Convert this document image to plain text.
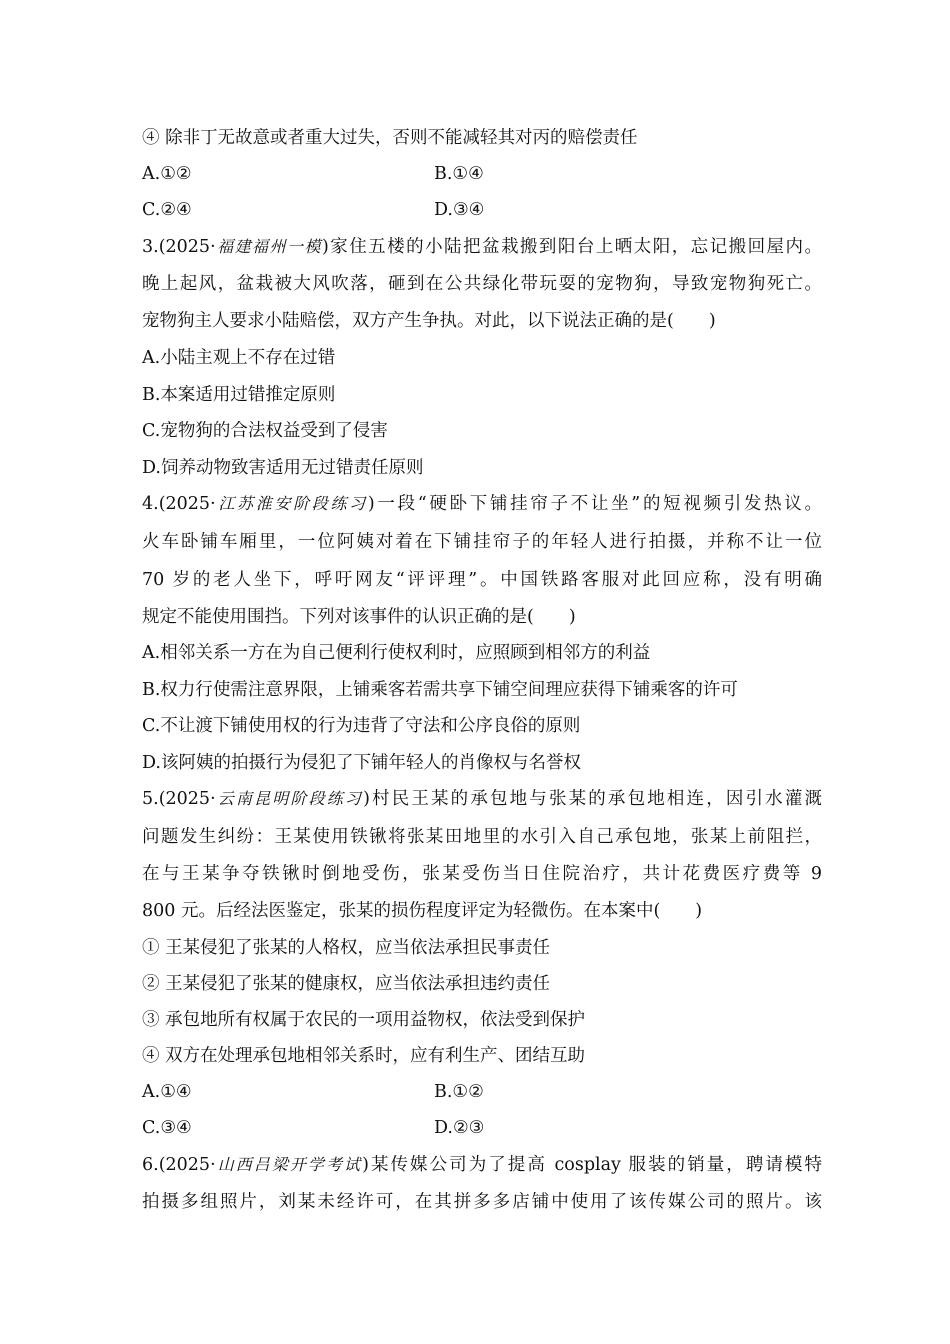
④ 除非丁无故意或者重大过失，否则不能减轻其对丙的赔偿责任
A.①②	B.①④
C.②④	D.③④
3.(2025·福建福州一模)家住五楼的小陆把盆栽搬到阳台上晒太阳，忘记搬回屋内。
晚上起风，盆栽被大风吹落，砸到在公共绿化带玩耍的宠物狗，导致宠物狗死亡。
宠物狗主人要求小陆赔偿，双方产生争执。对此，以下说法正确的是(　　)
A.小陆主观上不存在过错
B.本案适用过错推定原则
C.宠物狗的合法权益受到了侵害
D.饲养动物致害适用无过错责任原则
4.(2025·江苏淮安阶段练习)一段“硬卧下铺挂帘子不让坐”的短视频引发热议。
火车卧铺车厢里，一位阿姨对着在下铺挂帘子的年轻人进行拍摄，并称不让一位
70 岁的老人坐下，呼吁网友“评评理”。中国铁路客服对此回应称，没有明确
规定不能使用围挡。下列对该事件的认识正确的是(　　)
A.相邻关系一方在为自己便利行使权利时，应照顾到相邻方的利益
B.权力行使需注意界限，上铺乘客若需共享下铺空间理应获得下铺乘客的许可
C.不让渡下铺使用权的行为违背了守法和公序良俗的原则
D.该阿姨的拍摄行为侵犯了下铺年轻人的肖像权与名誉权
5.(2025·云南昆明阶段练习)村民王某的承包地与张某的承包地相连，因引水灌溉
问题发生纠纷：王某使用铁锹将张某田地里的水引入自己承包地，张某上前阻拦，
在与王某争夺铁锹时倒地受伤，张某受伤当日住院治疗，共计花费医疗费等 9
800 元。后经法医鉴定，张某的损伤程度评定为轻微伤。在本案中(　　)
① 王某侵犯了张某的人格权，应当依法承担民事责任
② 王某侵犯了张某的健康权，应当依法承担违约责任
③ 承包地所有权属于农民的一项用益物权，依法受到保护
④ 双方在处理承包地相邻关系时，应有利生产、团结互助
A.①④	B.①②
C.③④	D.②③
6.(2025·山西吕梁开学考试)某传媒公司为了提高 cosplay 服装的销量，聘请模特
拍摄多组照片，刘某未经许可，在其拼多多店铺中使用了该传媒公司的照片。该
